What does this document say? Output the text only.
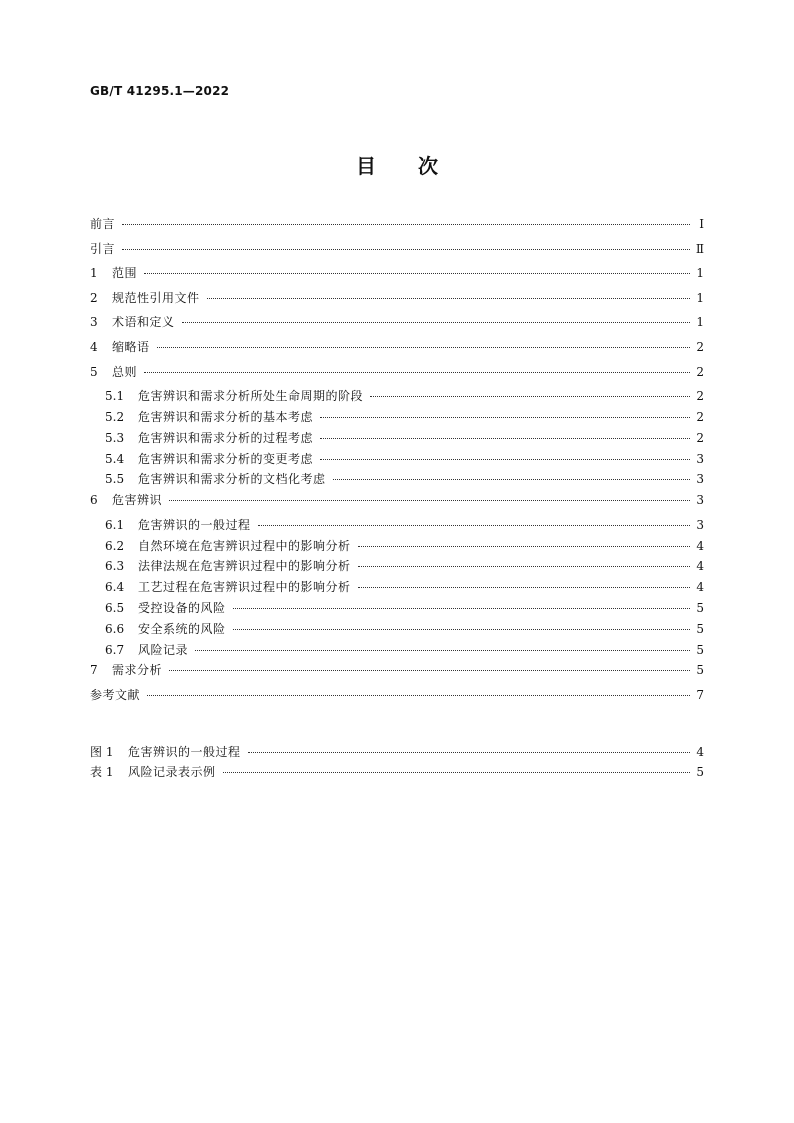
GB/T 41295.1—2022
目 次
前言	Ⅰ
引言	Ⅱ
1	范围	1
2	规范性引用文件	1
3	术语和定义	1
4	缩略语	2
5	总则	2
5.1	危害辨识和需求分析所处生命周期的阶段	2
5.2	危害辨识和需求分析的基本考虑	2
5.3	危害辨识和需求分析的过程考虑	2
5.4	危害辨识和需求分析的变更考虑	3
5.5	危害辨识和需求分析的文档化考虑	3
6	危害辨识	3
6.1	危害辨识的一般过程	3
6.2	自然环境在危害辨识过程中的影响分析	4
6.3	法律法规在危害辨识过程中的影响分析	4
6.4	工艺过程在危害辨识过程中的影响分析	4
6.5	受控设备的风险	5
6.6	安全系统的风险	5
6.7	风险记录	5
7	需求分析	5
参考文献	7
图 1	危害辨识的一般过程	4
表 1	风险记录表示例	5
